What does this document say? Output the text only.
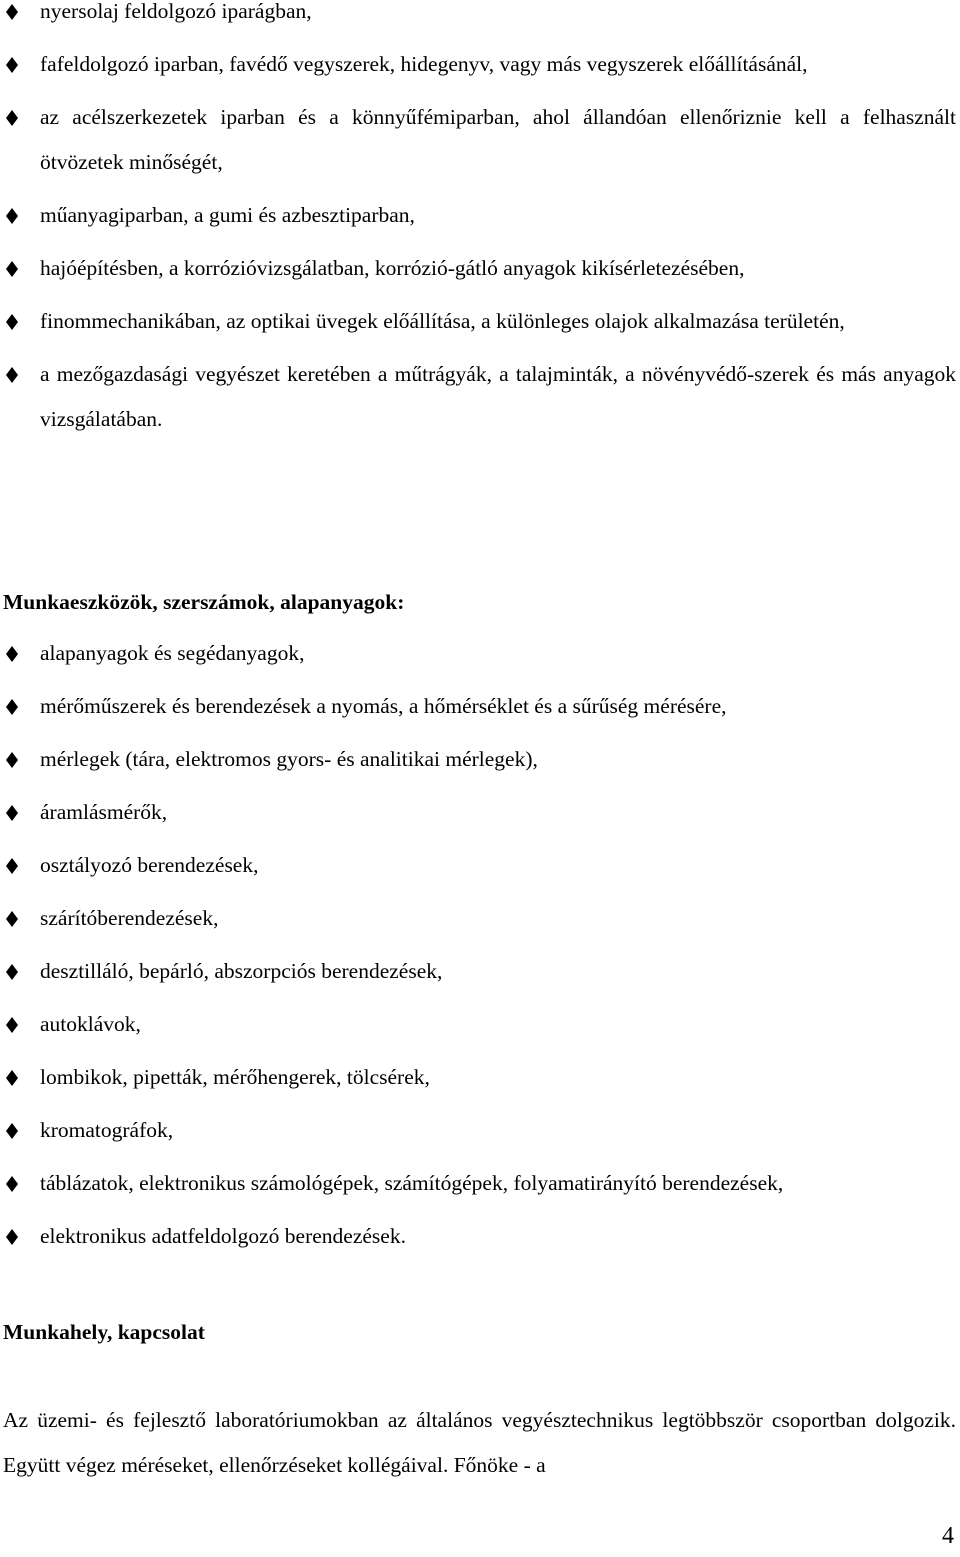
nyersolaj feldolgozó iparágban,
fafeldolgozó iparban, favédő vegyszerek, hidegenyv, vagy más vegyszerek előállításánál,
az acélszerkezetek iparban és a könnyűfémiparban, ahol állandóan ellenőriznie kell a felhasznált ötvözetek minőségét,
műanyagiparban, a gumi és azbesztiparban,
hajóépítésben, a korrózióvizsgálatban, korrózió-gátló anyagok kikísérletezésében,
finommechanikában, az optikai üvegek előállítása, a különleges olajok alkalmazása területén,
a mezőgazdasági vegyészet keretében a műtrágyák, a talajminták, a növényvédő-szerek és más anyagok vizsgálatában.
Munkaeszközök, szerszámok, alapanyagok:
alapanyagok és segédanyagok,
mérőműszerek és berendezések a nyomás, a hőmérséklet és a sűrűség mérésére,
mérlegek (tára, elektromos gyors- és analitikai mérlegek),
áramlásmérők,
osztályozó berendezések,
szárítóberendezések,
desztilláló, bepárló, abszorpciós berendezések,
autoklávok,
lombikok, pipetták, mérőhengerek, tölcsérek,
kromatográfok,
táblázatok, elektronikus számológépek, számítógépek, folyamatirányító berendezések,
elektronikus adatfeldolgozó berendezések.
Munkahely, kapcsolat
Az üzemi- és fejlesztő laboratóriumokban az általános vegyésztechnikus legtöbbször csoportban dolgozik. Együtt végez méréseket, ellenőrzéseket kollégáival. Főnöke - a
4
